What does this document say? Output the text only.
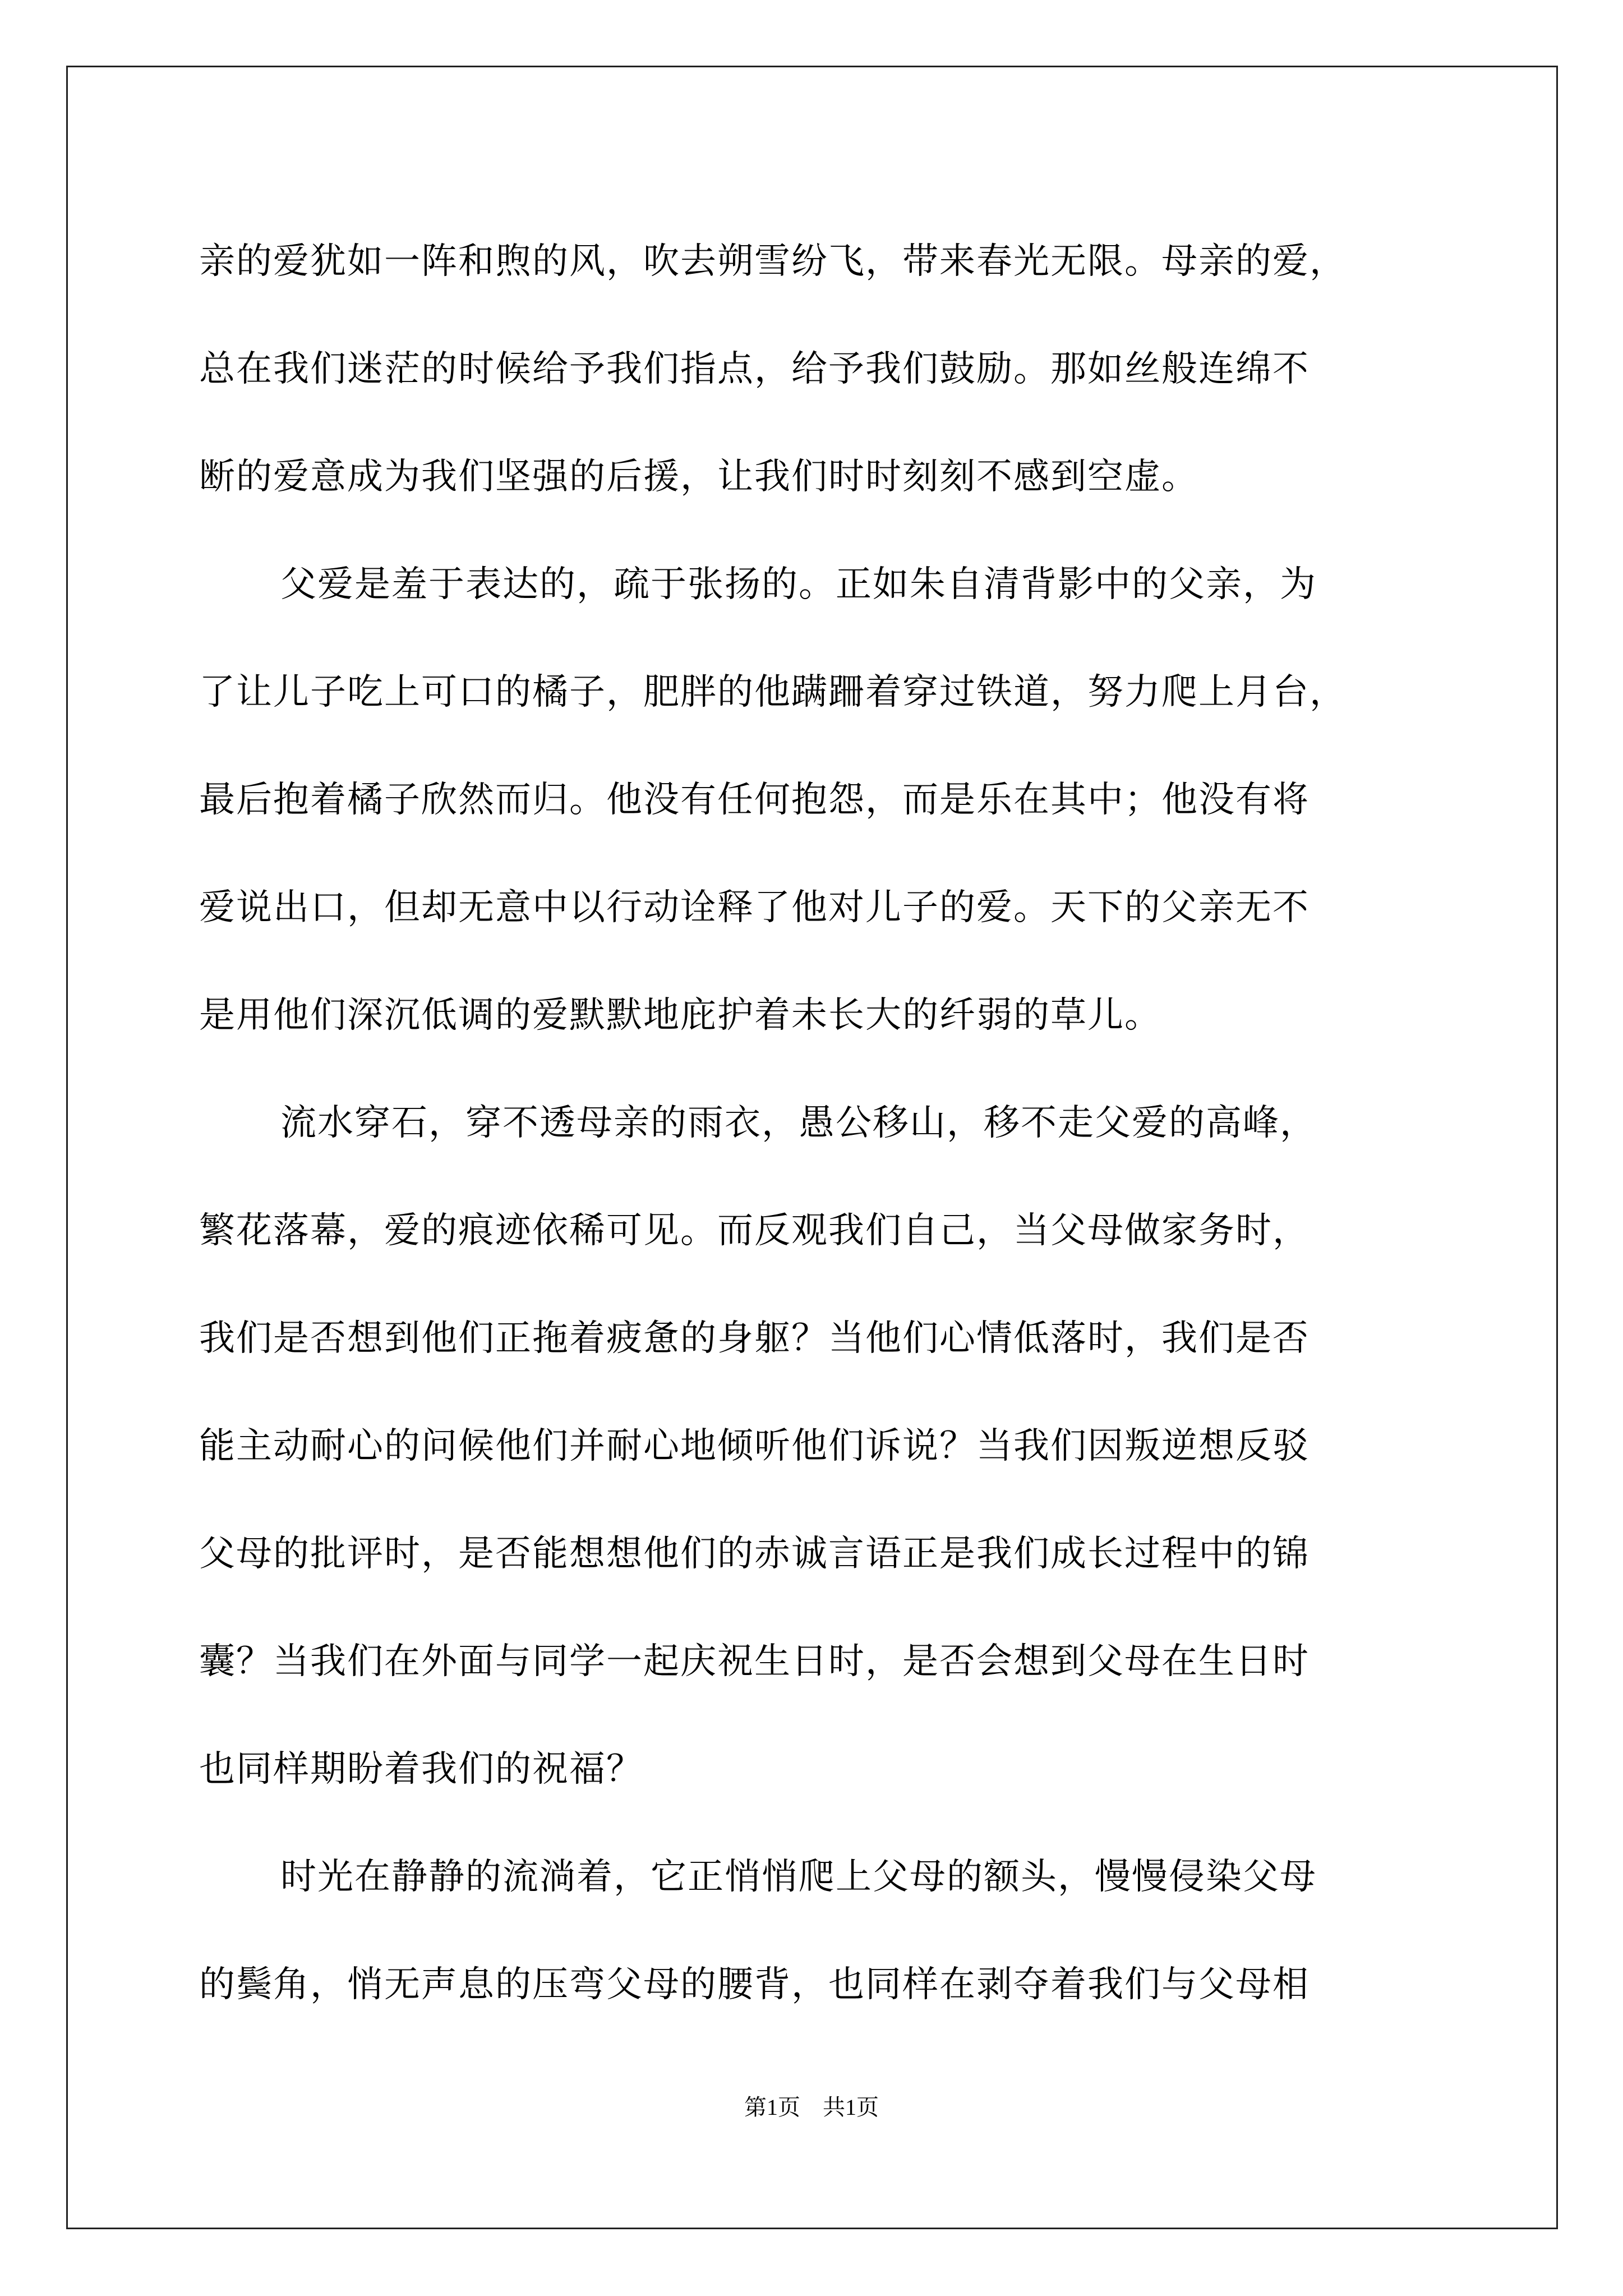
亲的爱犹如一阵和煦的风，吹去朔雪纷飞，带来春光无限。母亲的爱，
总在我们迷茫的时候给予我们指点，给予我们鼓励。那如丝般连绵不
断的爱意成为我们坚强的后援，让我们时时刻刻不感到空虚。
父爱是羞于表达的，疏于张扬的。正如朱自清背影中的父亲，为
了让儿子吃上可口的橘子，肥胖的他蹒跚着穿过铁道，努力爬上月台，
最后抱着橘子欣然而归。他没有任何抱怨，而是乐在其中；他没有将
爱说出口，但却无意中以行动诠释了他对儿子的爱。天下的父亲无不
是用他们深沉低调的爱默默地庇护着未长大的纤弱的草儿。
流水穿石，穿不透母亲的雨衣，愚公移山，移不走父爱的高峰，
繁花落幕，爱的痕迹依稀可见。而反观我们自己，当父母做家务时，
我们是否想到他们正拖着疲惫的身躯？当他们心情低落时，我们是否
能主动耐心的问候他们并耐心地倾听他们诉说？当我们因叛逆想反驳
父母的批评时，是否能想想他们的赤诚言语正是我们成长过程中的锦
囊？当我们在外面与同学一起庆祝生日时，是否会想到父母在生日时
也同样期盼着我们的祝福？
时光在静静的流淌着，它正悄悄爬上父母的额头，慢慢侵染父母
的鬓角，悄无声息的压弯父母的腰背，也同样在剥夺着我们与父母相
第1页　共1页
